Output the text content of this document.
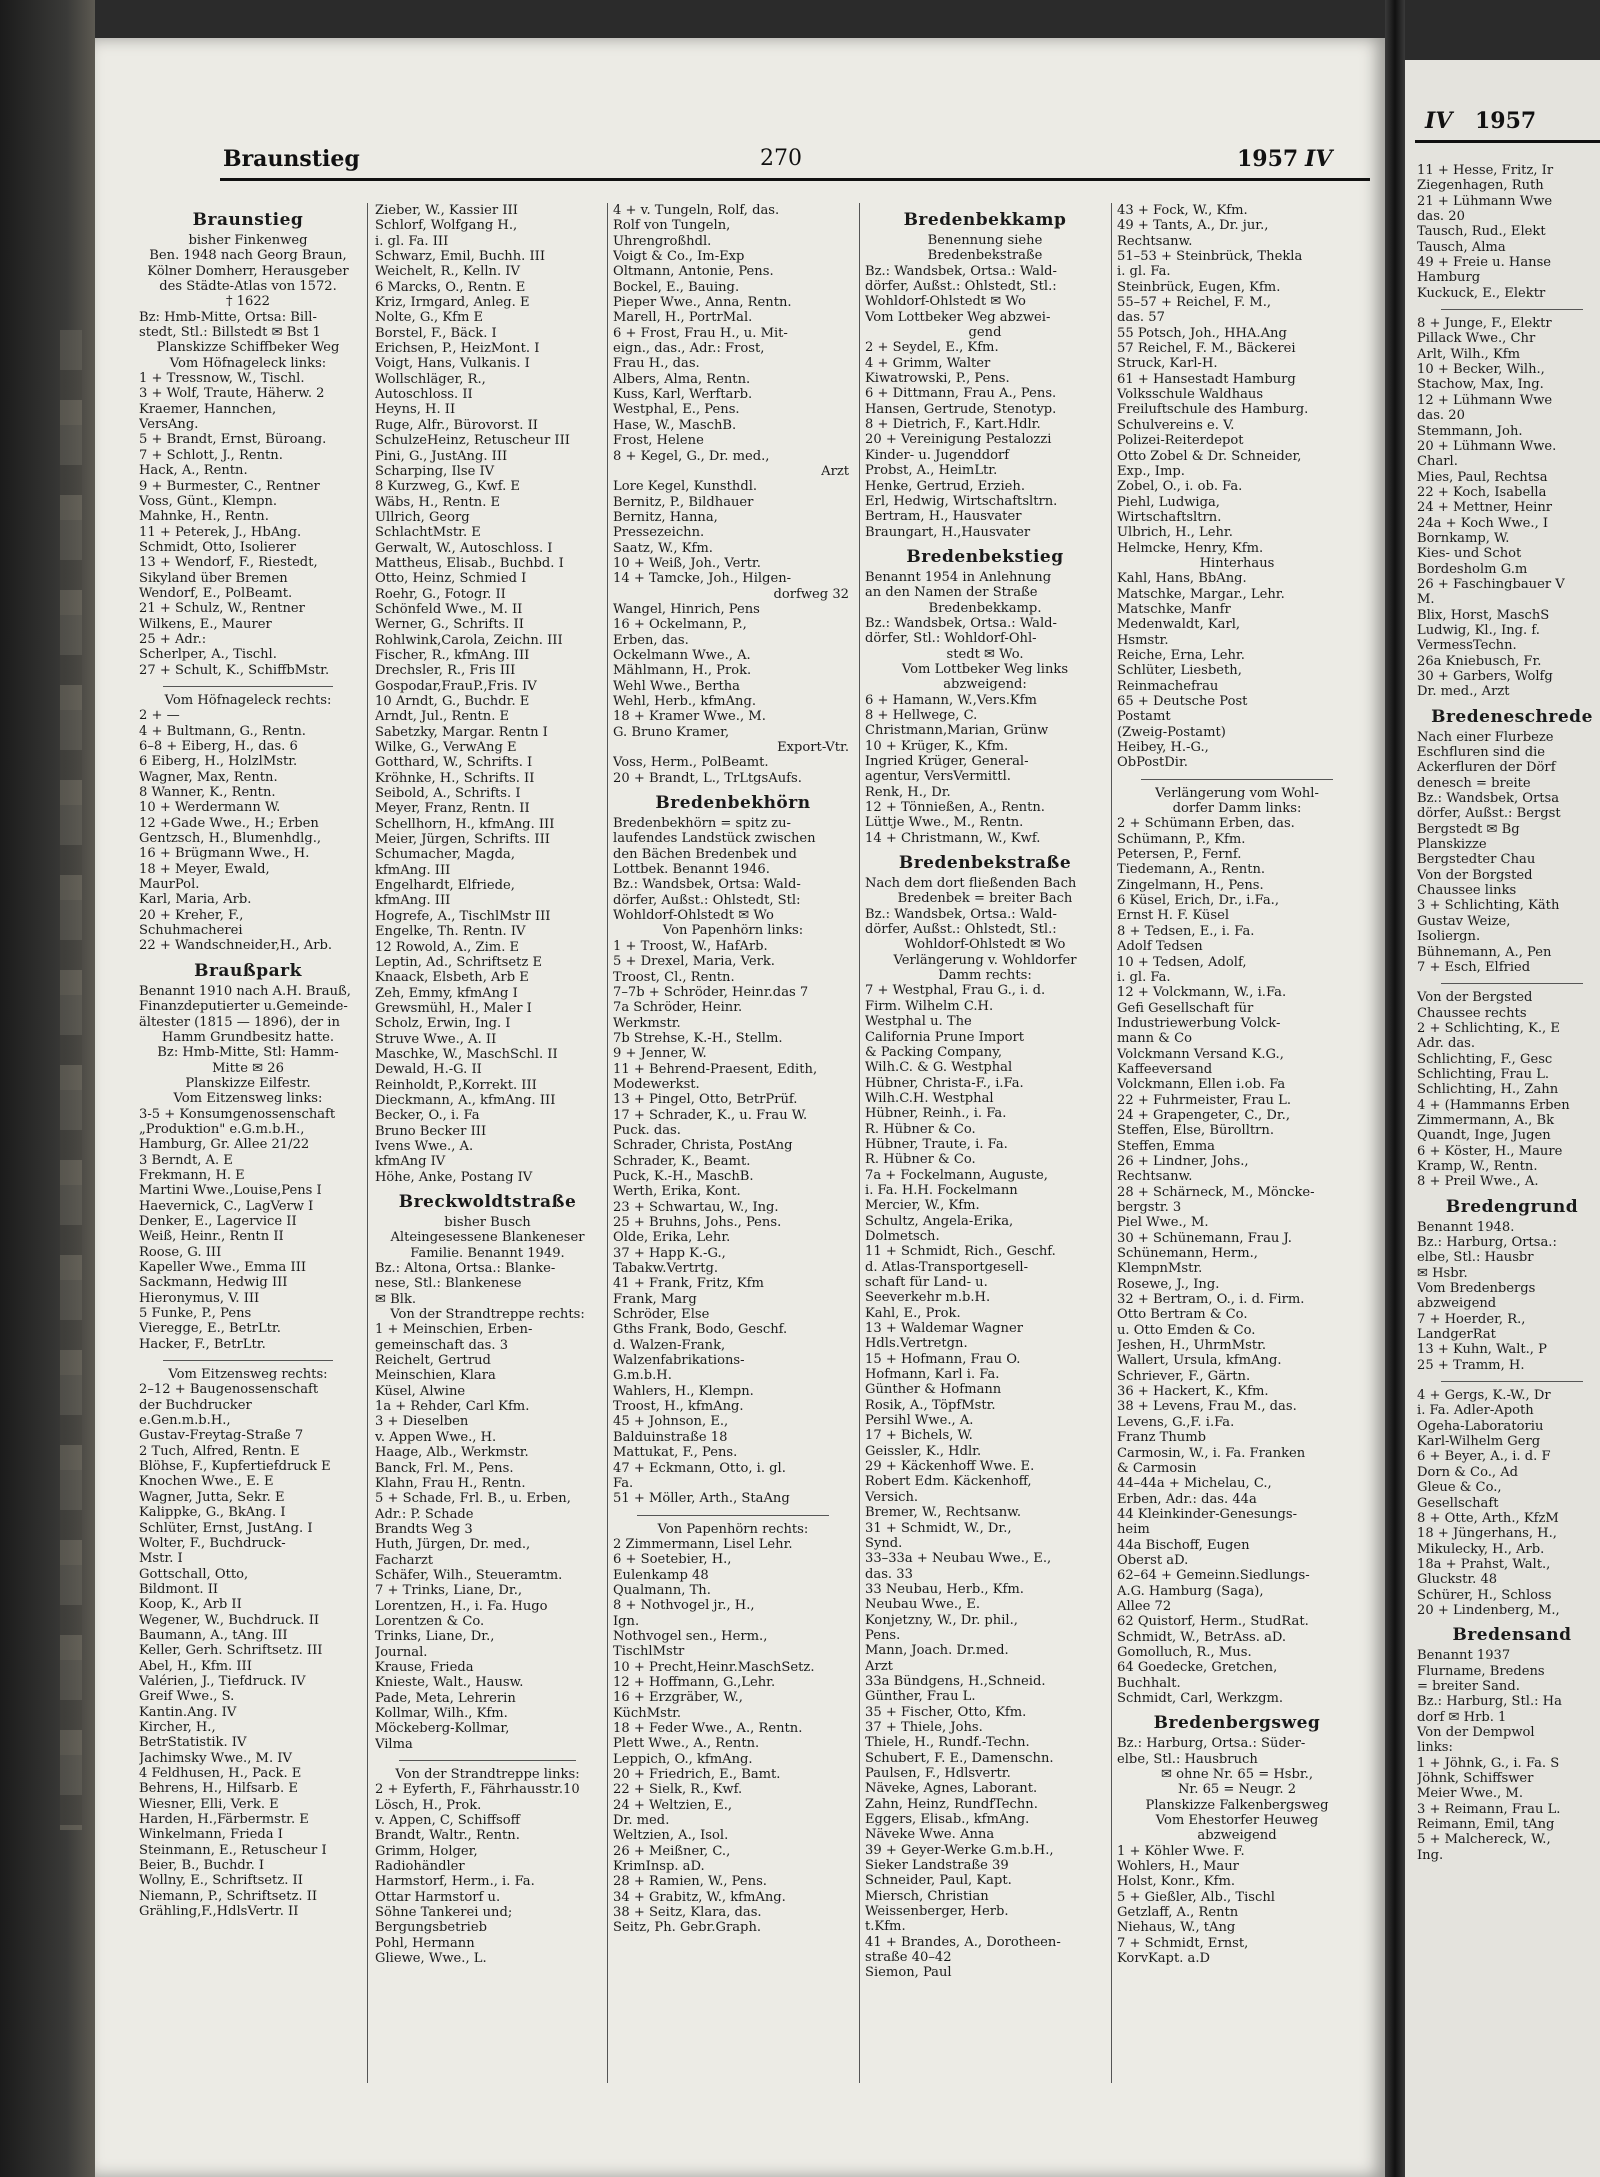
Braunstieg	270	1957 IV
Braunstieg
bisher Finkenweg
Ben. 1948 nach Georg Braun,
Kölner Domherr, Herausgeber
des Städte-Atlas von 1572.
† 1622
Bz: Hmb-Mitte, Ortsa: Bill-
stedt, Stl.: Billstedt ✉ Bst 1
Planskizze Schiffbeker Weg
Vom Höfnageleck links:
1 + Tressnow, W., Tischl.
3 + Wolf, Traute, Häherw. 2
Kraemer, Hannchen,
VersAng.
5 + Brandt, Ernst, Büroang.
7 + Schlott, J., Rentn.
Hack, A., Rentn.
9 + Burmester, C., Rentner
Voss, Günt., Klempn.
Mahnke, H., Rentn.
11 + Peterek, J., HbAng.
Schmidt, Otto, Isolierer
13 + Wendorf, F., Riestedt,
Sikyland über Bremen
Wendorf, E., PolBeamt.
21 + Schulz, W., Rentner
Wilkens, E., Maurer
25 + Adr.:
Scherlper, A., Tischl.
27 + Schult, K., SchiffbMstr.
Vom Höfnageleck rechts:
2 + —
4 + Bultmann, G., Rentn.
6–8 + Eiberg, H., das. 6
6 Eiberg, H., HolzlMstr.
Wagner, Max, Rentn.
8 Wanner, K., Rentn.
10 + Werdermann W.
12 +Gade Wwe., H.; Erben
Gentzsch, H., Blumenhdlg.,
16 + Brügmann Wwe., H.
18 + Meyer, Ewald,
MaurPol.
Karl, Maria, Arb.
20 + Kreher, F.,
Schuhmacherei
22 + Wandschneider,H., Arb.
Braußpark
Benannt 1910 nach A.H. Brauß,
Finanzdeputierter u.Gemeinde-
ältester (1815 — 1896), der in
Hamm Grundbesitz hatte.
Bz: Hmb-Mitte, Stl: Hamm-
Mitte ✉ 26
Planskizze Eilfestr.
Vom Eitzensweg links:
3-5 + Konsumgenossenschaft
„Produktion" e.G.m.b.H.,
Hamburg, Gr. Allee 21/22
3 Berndt, A. E
Frekmann, H. E
Martini Wwe.,Louise,Pens I
Haevernick, C., LagVerw I
Denker, E., Lagervice II
Weiß, Heinr., Rentn II
Roose, G. III
Kapeller Wwe., Emma III
Sackmann, Hedwig III
Hieronymus, V. III
5 Funke, P., Pens
Vieregge, E., BetrLtr.
Hacker, F., BetrLtr.
Vom Eitzensweg rechts:
2–12 + Baugenossenschaft
der Buchdrucker
e.Gen.m.b.H.,
Gustav-Freytag-Straße 7
2 Tuch, Alfred, Rentn. E
Blöhse, F., Kupfertiefdruck E
Knochen Wwe., E. E
Wagner, Jutta, Sekr. E
Kalippke, G., BkAng. I
Schlüter, Ernst, JustAng. I
Wolter, F., Buchdruck-
Mstr. I
Gottschall, Otto,
Bildmont. II
Koop, K., Arb II
Wegener, W., Buchdruck. II
Baumann, A., tAng. III
Keller, Gerh. Schriftsetz. III
Abel, H., Kfm. III
Valérien, J., Tiefdruck. IV
Greif Wwe., S.
Kantin.Ang. IV
Kircher, H.,
BetrStatistik. IV
Jachimsky Wwe., M. IV
4 Feldhusen, H., Pack. E
Behrens, H., Hilfsarb. E
Wiesner, Elli, Verk. E
Harden, H.,Färbermstr. E
Winkelmann, Frieda I
Steinmann, E., Retuscheur I
Beier, B., Buchdr. I
Wollny, E., Schriftsetz. II
Niemann, P., Schriftsetz. II
Grähling,F.,HdlsVertr. II
Zieber, W., Kassier III
Schlorf, Wolfgang H.,
i. gl. Fa. III
Schwarz, Emil, Buchh. III
Weichelt, R., Kelln. IV
6 Marcks, O., Rentn. E
Kriz, Irmgard, Anleg. E
Nolte, G., Kfm E
Borstel, F., Bäck. I
Erichsen, P., HeizMont. I
Voigt, Hans, Vulkanis. I
Wollschläger, R.,
Autoschloss. II
Heyns, H. II
Ruge, Alfr., Bürovorst. II
SchulzeHeinz, Retuscheur III
Pini, G., JustAng. III
Scharping, Ilse IV
8 Kurzweg, G., Kwf. E
Wäbs, H., Rentn. E
Ullrich, Georg
SchlachtMstr. E
Gerwalt, W., Autoschloss. I
Mattheus, Elisab., Buchbd. I
Otto, Heinz, Schmied I
Roehr, G., Fotogr. II
Schönfeld Wwe., M. II
Werner, G., Schrifts. II
Rohlwink,Carola, Zeichn. III
Fischer, R., kfmAng. III
Drechsler, R., Fris III
Gospodar,FrauP.,Fris. IV
10 Arndt, G., Buchdr. E
Arndt, Jul., Rentn. E
Sabetzky, Margar. Rentn I
Wilke, G., VerwAng E
Gotthard, W., Schrifts. I
Kröhnke, H., Schrifts. II
Seibold, A., Schrifts. I
Meyer, Franz, Rentn. II
Schellhorn, H., kfmAng. III
Meier, Jürgen, Schrifts. III
Schumacher, Magda,
kfmAng. III
Engelhardt, Elfriede,
kfmAng. III
Hogrefe, A., TischlMstr III
Engelke, Th. Rentn. IV
12 Rowold, A., Zim. E
Leptin, Ad., Schriftsetz E
Knaack, Elsbeth, Arb E
Zeh, Emmy, kfmAng I
Grewsmühl, H., Maler I
Scholz, Erwin, Ing. I
Struve Wwe., A. II
Maschke, W., MaschSchl. II
Dewald, H.-G. II
Reinholdt, P.,Korrekt. III
Dieckmann, A., kfmAng. III
Becker, O., i. Fa
Bruno Becker III
Ivens Wwe., A.
kfmAng IV
Höhe, Anke, Postang IV
Breckwoldtstraße
bisher Busch
Alteingesessene Blankeneser
Familie. Benannt 1949.
Bz.: Altona, Ortsa.: Blanke-
nese, Stl.: Blankenese
✉ Blk.
Von der Strandtreppe rechts:
1 + Meinschien, Erben-
gemeinschaft das. 3
Reichelt, Gertrud
Meinschien, Klara
Küsel, Alwine
1a + Rehder, Carl Kfm.
3 + Dieselben
v. Appen Wwe., H.
Haage, Alb., Werkmstr.
Banck, Frl. M., Pens.
Klahn, Frau H., Rentn.
5 + Schade, Frl. B., u. Erben,
Adr.: P. Schade
Brandts Weg 3
Huth, Jürgen, Dr. med.,
Facharzt
Schäfer, Wilh., Steueramtm.
7 + Trinks, Liane, Dr.,
Lorentzen, H., i. Fa. Hugo
Lorentzen & Co.
Trinks, Liane, Dr.,
Journal.
Krause, Frieda
Knieste, Walt., Hausw.
Pade, Meta, Lehrerin
Kollmar, Wilh., Kfm.
Möckeberg-Kollmar,
Vilma
Von der Strandtreppe links:
2 + Eyferth, F., Fährhausstr.10
Lösch, H., Prok.
v. Appen, C, Schiffsoff
Brandt, Waltr., Rentn.
Grimm, Holger,
Radiohändler
Harmstorf, Herm., i. Fa.
Ottar Harmstorf u.
Söhne Tankerei und;
Bergungsbetrieb
Pohl, Hermann
Gliewe, Wwe., L.
4 + v. Tungeln, Rolf, das.
Rolf von Tungeln,
Uhrengroßhdl.
Voigt & Co., Im-Exp
Oltmann, Antonie, Pens.
Bockel, E., Bauing.
Pieper Wwe., Anna, Rentn.
Marell, H., PortrMal.
6 + Frost, Frau H., u. Mit-
eign., das., Adr.: Frost,
Frau H., das.
Albers, Alma, Rentn.
Kuss, Karl, Werftarb.
Westphal, E., Pens.
Hase, W., MaschB.
Frost, Helene
8 + Kegel, G., Dr. med.,
Arzt
Lore Kegel, Kunsthdl.
Bernitz, P., Bildhauer
Bernitz, Hanna,
Pressezeichn.
Saatz, W., Kfm.
10 + Weiß, Joh., Vertr.
14 + Tamcke, Joh., Hilgen-
dorfweg 32
Wangel, Hinrich, Pens
16 + Ockelmann, P.,
Erben, das.
Ockelmann Wwe., A.
Mählmann, H., Prok.
Wehl Wwe., Bertha
Wehl, Herb., kfmAng.
18 + Kramer Wwe., M.
G. Bruno Kramer,
Export-Vtr.
Voss, Herm., PolBeamt.
20 + Brandt, L., TrLtgsAufs.
Bredenbekhörn
Bredenbekhörn = spitz zu-
laufendes Landstück zwischen
den Bächen Bredenbek und
Lottbek. Benannt 1946.
Bz.: Wandsbek, Ortsa: Wald-
dörfer, Außst.: Ohlstedt, Stl:
Wohldorf-Ohlstedt ✉ Wo
Von Papenhörn links:
1 + Troost, W., HafArb.
5 + Drexel, Maria, Verk.
Troost, Cl., Rentn.
7–7b + Schröder, Heinr.das 7
7a Schröder, Heinr.
Werkmstr.
7b Strehse, K.-H., Stellm.
9 + Jenner, W.
11 + Behrend-Praesent, Edith,
Modewerkst.
13 + Pingel, Otto, BetrPrüf.
17 + Schrader, K., u. Frau W.
Puck. das.
Schrader, Christa, PostAng
Schrader, K., Beamt.
Puck, K.-H., MaschB.
Werth, Erika, Kont.
23 + Schwartau, W., Ing.
25 + Bruhns, Johs., Pens.
Olde, Erika, Lehr.
37 + Happ K.-G.,
Tabakw.Vertrtg.
41 + Frank, Fritz, Kfm
Frank, Marg
Schröder, Else
Gths Frank, Bodo, Geschf.
d. Walzen-Frank,
Walzenfabrikations-
G.m.b.H.
Wahlers, H., Klempn.
Troost, H., kfmAng.
45 + Johnson, E.,
Balduinstraße 18
Mattukat, F., Pens.
47 + Eckmann, Otto, i. gl.
Fa.
51 + Möller, Arth., StaAng
Von Papenhörn rechts:
2 Zimmermann, Lisel Lehr.
6 + Soetebier, H.,
Eulenkamp 48
Qualmann, Th.
8 + Nothvogel jr., H.,
Ign.
Nothvogel sen., Herm.,
TischlMstr
10 + Precht,Heinr.MaschSetz.
12 + Hoffmann, G.,Lehr.
16 + Erzgräber, W.,
KüchMstr.
18 + Feder Wwe., A., Rentn.
Plett Wwe., A., Rentn.
Leppich, O., kfmAng.
20 + Friedrich, E., Bamt.
22 + Sielk, R., Kwf.
24 + Weltzien, E.,
Dr. med.
Weltzien, A., Isol.
26 + Meißner, C.,
KrimInsp. aD.
28 + Ramien, W., Pens.
34 + Grabitz, W., kfmAng.
38 + Seitz, Klara, das.
Seitz, Ph. Gebr.Graph.
Bredenbekkamp
Benennung siehe
Bredenbekstraße
Bz.: Wandsbek, Ortsa.: Wald-
dörfer, Außst.: Ohlstedt, Stl.:
Wohldorf-Ohlstedt ✉ Wo
Vom Lottbeker Weg abzwei-
gend
2 + Seydel, E., Kfm.
4 + Grimm, Walter
Kiwatrowski, P., Pens.
6 + Dittmann, Frau A., Pens.
Hansen, Gertrude, Stenotyp.
8 + Dietrich, F., Kart.Hdlr.
20 + Vereinigung Pestalozzi
Kinder- u. Jugenddorf
Probst, A., HeimLtr.
Henke, Gertrud, Erzieh.
Erl, Hedwig, Wirtschaftsltrn.
Bertram, H., Hausvater
Braungart, H.,Hausvater
Bredenbekstieg
Benannt 1954 in Anlehnung
an den Namen der Straße
Bredenbekkamp.
Bz.: Wandsbek, Ortsa.: Wald-
dörfer, Stl.: Wohldorf-Ohl-
stedt ✉ Wo.
Vom Lottbeker Weg links
abzweigend:
6 + Hamann, W.,Vers.Kfm
8 + Hellwege, C.
Christmann,Marian, Grünw
10 + Krüger, K., Kfm.
Ingried Krüger, General-
agentur, VersVermittl.
Renk, H., Dr.
12 + Tönnießen, A., Rentn.
Lüttje Wwe., M., Rentn.
14 + Christmann, W., Kwf.
Bredenbekstraße
Nach dem dort fließenden Bach
Bredenbek = breiter Bach
Bz.: Wandsbek, Ortsa.: Wald-
dörfer, Außst.: Ohlstedt, Stl.:
Wohldorf-Ohlstedt ✉ Wo
Verlängerung v. Wohldorfer
Damm rechts:
7 + Westphal, Frau G., i. d.
Firm. Wilhelm C.H.
Westphal u. The
California Prune Import
& Packing Company,
Wilh.C. & G. Westphal
Hübner, Christa-F., i.Fa.
Wilh.C.H. Westphal
Hübner, Reinh., i. Fa.
R. Hübner & Co.
Hübner, Traute, i. Fa.
R. Hübner & Co.
7a + Fockelmann, Auguste,
i. Fa. H.H. Fockelmann
Mercier, W., Kfm.
Schultz, Angela-Erika,
Dolmetsch.
11 + Schmidt, Rich., Geschf.
d. Atlas-Transportgesell-
schaft für Land- u.
Seeverkehr m.b.H.
Kahl, E., Prok.
13 + Waldemar Wagner
Hdls.Vertretgn.
15 + Hofmann, Frau O.
Hofmann, Karl i. Fa.
Günther & Hofmann
Rosik, A., TöpfMstr.
Persihl Wwe., A.
17 + Bichels, W.
Geissler, K., Hdlr.
29 + Käckenhoff Wwe. E.
Robert Edm. Käckenhoff,
Versich.
Bremer, W., Rechtsanw.
31 + Schmidt, W., Dr.,
Synd.
33–33a + Neubau Wwe., E.,
das. 33
33 Neubau, Herb., Kfm.
Neubau Wwe., E.
Konjetzny, W., Dr. phil.,
Pens.
Mann, Joach. Dr.med.
Arzt
33a Bündgens, H.,Schneid.
Günther, Frau L.
35 + Fischer, Otto, Kfm.
37 + Thiele, Johs.
Thiele, H., Rundf.-Techn.
Schubert, F. E., Damenschn.
Paulsen, F., Hdlsvertr.
Näveke, Agnes, Laborant.
Zahn, Heinz, RundfTechn.
Eggers, Elisab., kfmAng.
Näveke Wwe. Anna
39 + Geyer-Werke G.m.b.H.,
Sieker Landstraße 39
Schneider, Paul, Kapt.
Miersch, Christian
Weissenberger, Herb.
t.Kfm.
41 + Brandes, A., Dorotheen-
straße 40–42
Siemon, Paul
43 + Fock, W., Kfm.
49 + Tants, A., Dr. jur.,
Rechtsanw.
51–53 + Steinbrück, Thekla
i. gl. Fa.
Steinbrück, Eugen, Kfm.
55–57 + Reichel, F. M.,
das. 57
55 Potsch, Joh., HHA.Ang
57 Reichel, F. M., Bäckerei
Struck, Karl-H.
61 + Hansestadt Hamburg
Volksschule Waldhaus
Freiluftschule des Hamburg.
Schulvereins e. V.
Polizei-Reiterdepot
Otto Zobel & Dr. Schneider,
Exp., Imp.
Zobel, O., i. ob. Fa.
Piehl, Ludwiga,
Wirtschaftsltrn.
Ulbrich, H., Lehr.
Helmcke, Henry, Kfm.
Hinterhaus
Kahl, Hans, BbAng.
Matschke, Margar., Lehr.
Matschke, Manfr
Medenwaldt, Karl,
Hsmstr.
Reiche, Erna, Lehr.
Schlüter, Liesbeth,
Reinmachefrau
65 + Deutsche Post
Postamt
(Zweig-Postamt)
Heibey, H.-G.,
ObPostDir.
Verlängerung vom Wohl-
dorfer Damm links:
2 + Schümann Erben, das.
Schümann, P., Kfm.
Petersen, P., Fernf.
Tiedemann, A., Rentn.
Zingelmann, H., Pens.
6 Küsel, Erich, Dr., i.Fa.,
Ernst H. F. Küsel
8 + Tedsen, E., i. Fa.
Adolf Tedsen
10 + Tedsen, Adolf,
i. gl. Fa.
12 + Volckmann, W., i.Fa.
Gefi Gesellschaft für
Industriewerbung Volck-
mann & Co
Volckmann Versand K.G.,
Kaffeeversand
Volckmann, Ellen i.ob. Fa
22 + Fuhrmeister, Frau L.
24 + Grapengeter, C., Dr.,
Steffen, Else, Bürolltrn.
Steffen, Emma
26 + Lindner, Johs.,
Rechtsanw.
28 + Schärneck, M., Möncke-
bergstr. 3
Piel Wwe., M.
30 + Schünemann, Frau J.
Schünemann, Herm.,
KlempnMstr.
Rosewe, J., Ing.
32 + Bertram, O., i. d. Firm.
Otto Bertram & Co.
u. Otto Emden & Co.
Jeshen, H., UhrmMstr.
Wallert, Ursula, kfmAng.
Schriever, F., Gärtn.
36 + Hackert, K., Kfm.
38 + Levens, Frau M., das.
Levens, G.,F. i.Fa.
Franz Thumb
Carmosin, W., i. Fa. Franken
& Carmosin
44–44a + Michelau, C.,
Erben, Adr.: das. 44a
44 Kleinkinder-Genesungs-
heim
44a Bischoff, Eugen
Oberst aD.
62–64 + Gemeinn.Siedlungs-
A.G. Hamburg (Saga),
Allee 72
62 Quistorf, Herm., StudRat.
Schmidt, W., BetrAss. aD.
Gomolluch, R., Mus.
64 Goedecke, Gretchen,
Buchhalt.
Schmidt, Carl, Werkzgm.
Bredenbergsweg
Bz.: Harburg, Ortsa.: Süder-
elbe, Stl.: Hausbruch
✉ ohne Nr. 65 = Hsbr.,
Nr. 65 = Neugr. 2
Planskizze Falkenbergsweg
Vom Ehestorfer Heuweg
abzweigend
1 + Köhler Wwe. F.
Wohlers, H., Maur
Holst, Konr., Kfm.
5 + Gießler, Alb., Tischl
Getzlaff, A., Rentn
Niehaus, W., tAng
7 + Schmidt, Ernst,
KorvKapt. a.D
IV 1957
11 + Hesse, Fritz, Ir
Ziegenhagen, Ruth
21 + Lühmann Wwe
das. 20
Tausch, Rud., Elekt
Tausch, Alma
49 + Freie u. Hanse
Hamburg
Kuckuck, E., Elektr
8 + Junge, F., Elektr
Pillack Wwe., Chr
Arlt, Wilh., Kfm
10 + Becker, Wilh.,
Stachow, Max, Ing.
12 + Lühmann Wwe
das. 20
Stemmann, Joh.
20 + Lühmann Wwe.
Charl.
Mies, Paul, Rechtsa
22 + Koch, Isabella
24 + Mettner, Heinr
24a + Koch Wwe., I
Bornkamp, W.
Kies- und Schot
Bordesholm G.m
26 + Faschingbauer V
M.
Blix, Horst, MaschS
Ludwig, Kl., Ing. f.
VermessTechn.
26a Kniebusch, Fr.
30 + Garbers, Wolfg
Dr. med., Arzt
Bredeneschrede
Nach einer Flurbeze
Eschfluren sind die
Ackerfluren der Dörf
denesch = breite
Bz.: Wandsbek, Ortsa
dörfer, Außst.: Bergst
Bergstedt ✉ Bg
Planskizze
Bergstedter Chau
Von der Borgsted
Chaussee links
3 + Schlichting, Käth
Gustav Weize,
Isoliergn.
Bühnemann, A., Pen
7 + Esch, Elfried
Von der Bergsted
Chaussee rechts
2 + Schlichting, K., E
Adr. das.
Schlichting, F., Gesc
Schlichting, Frau L.
Schlichting, H., Zahn
4 + (Hammanns Erben
Zimmermann, A., Bk
Quandt, Inge, Jugen
6 + Köster, H., Maure
Kramp, W., Rentn.
8 + Preil Wwe., A.
Bredengrund
Benannt 1948.
Bz.: Harburg, Ortsa.:
elbe, Stl.: Hausbr
✉ Hsbr.
Vom Bredenbergs
abzweigend
7 + Hoerder, R.,
LandgerRat
13 + Kuhn, Walt., P
25 + Tramm, H.
4 + Gergs, K.-W., Dr
i. Fa. Adler-Apoth
Ogeha-Laboratoriu
Karl-Wilhelm Gerg
6 + Beyer, A., i. d. F
Dorn & Co., Ad
Gleue & Co.,
Gesellschaft
8 + Otte, Arth., KfzM
18 + Jüngerhans, H.,
Mikulecky, H., Arb.
18a + Prahst, Walt.,
Gluckstr. 48
Schürer, H., Schloss
20 + Lindenberg, M.,
Bredensand
Benannt 1937
Flurname, Bredens
= breiter Sand.
Bz.: Harburg, Stl.: Ha
dorf ✉ Hrb. 1
Von der Dempwol
links:
1 + Jöhnk, G., i. Fa. S
Jöhnk, Schiffswer
Meier Wwe., M.
3 + Reimann, Frau L.
Reimann, Emil, tAng
5 + Malchereck, W.,
Ing.
